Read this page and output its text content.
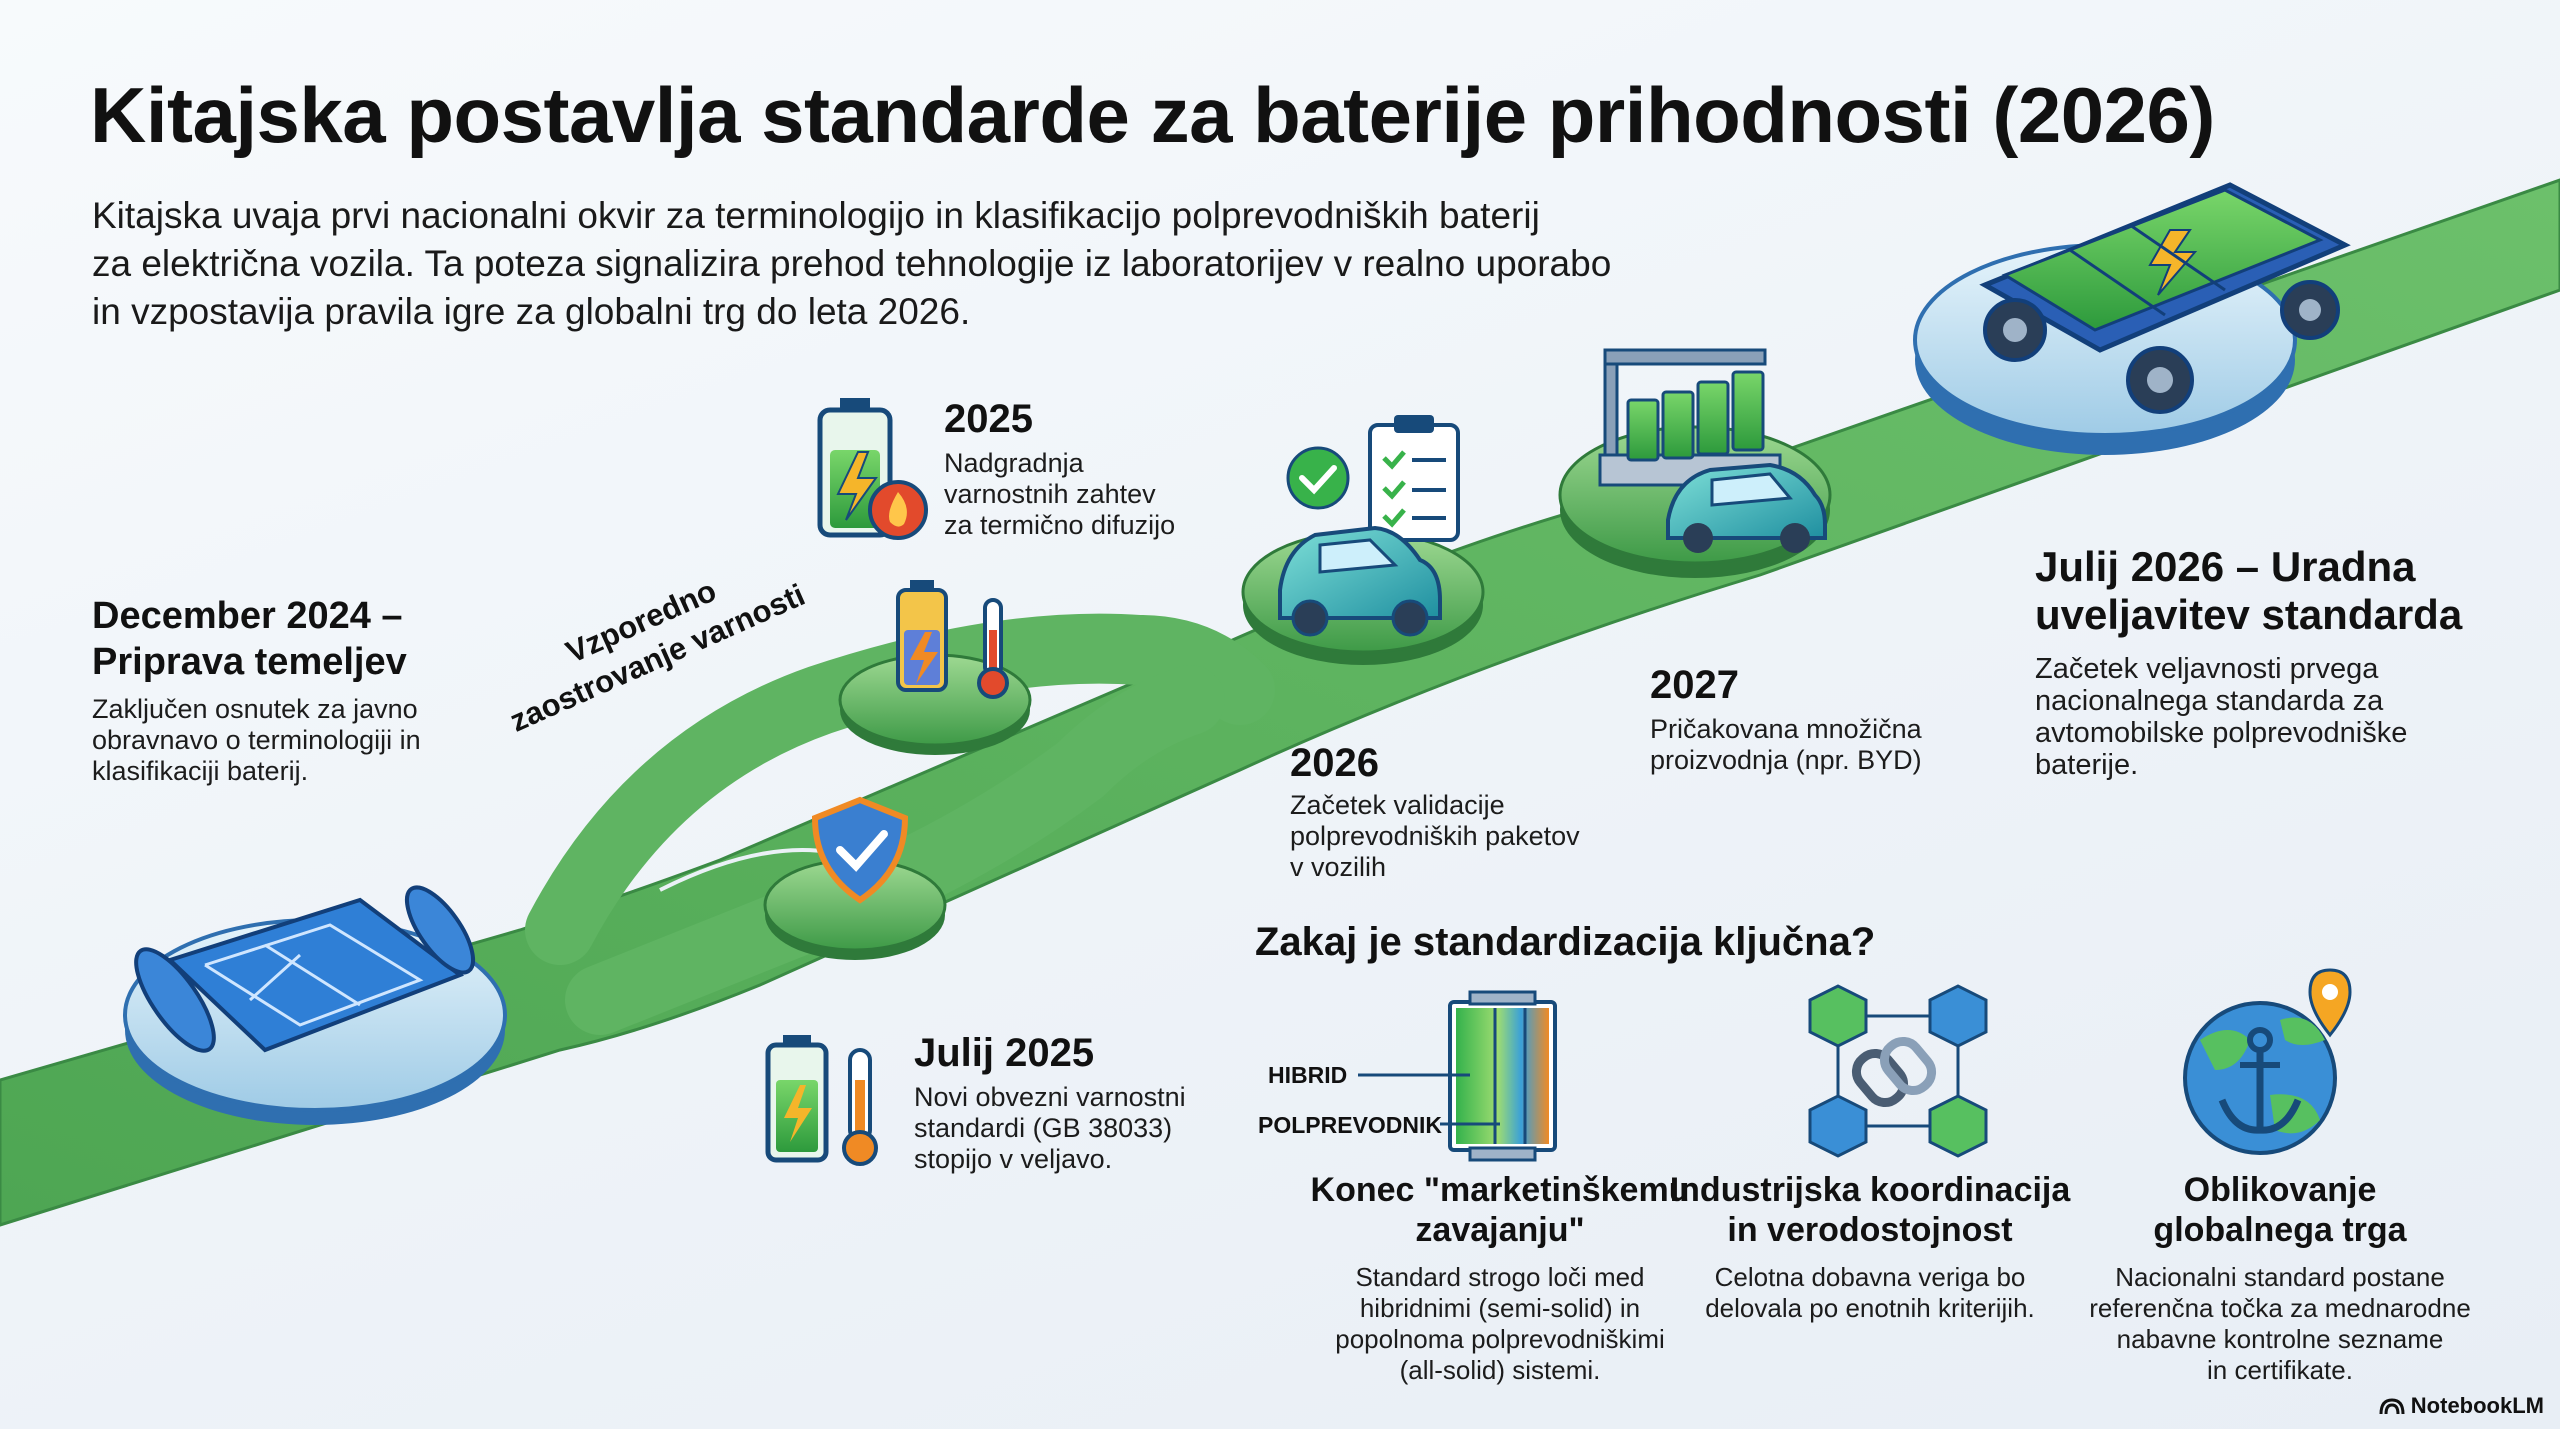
Kitajska postavlja standarde za baterije prihodnosti (2026)
Kitajska uvaja prvi nacionalni okvir za terminologijo in klasifikacijo polprevodniških baterij
za električna vozila. Ta poteza signalizira prehod tehnologije iz laboratorijev v realno uporabo
in vzpostavija pravila igre za globalni trg do leta 2026.
Vzporedno
zaostrovanje varnosti
December 2024 –
Priprava temeljev
Zaključen osnutek za javno
obravnavo o terminologiji in
klasifikaciji baterij.
2025
Nadgradnja
varnostnih zahtev
za termično difuzijo
Julij 2025
Novi obvezni varnostni
standardi (GB 38033)
stopijo v veljavo.
2026
Začetek validacije
polprevodniških paketov
v vozilih
2027
Pričakovana množična
proizvodnja (npr. BYD)
Julij 2026 – Uradna
uveljavitev standarda
Začetek veljavnosti prvega
nacionalnega standarda za
avtomobilske polprevodniške
baterije.
Zakaj je standardizacija ključna?
HIBRID
POLPREVODNIK
Konec "marketinškemu
zavajanju"
Standard strogo loči med
hibridnimi (semi-solid) in
popolnoma polprevodniškimi
(all-solid) sistemi.
Industrijska koordinacija
in verodostojnost
Celotna dobavna veriga bo
delovala po enotnih kriterijih.
Oblikovanje
globalnega trga
Nacionalni standard postane
referenčna točka za mednarodne
nabavne kontrolne sezname
in certifikate.
NotebookLM
